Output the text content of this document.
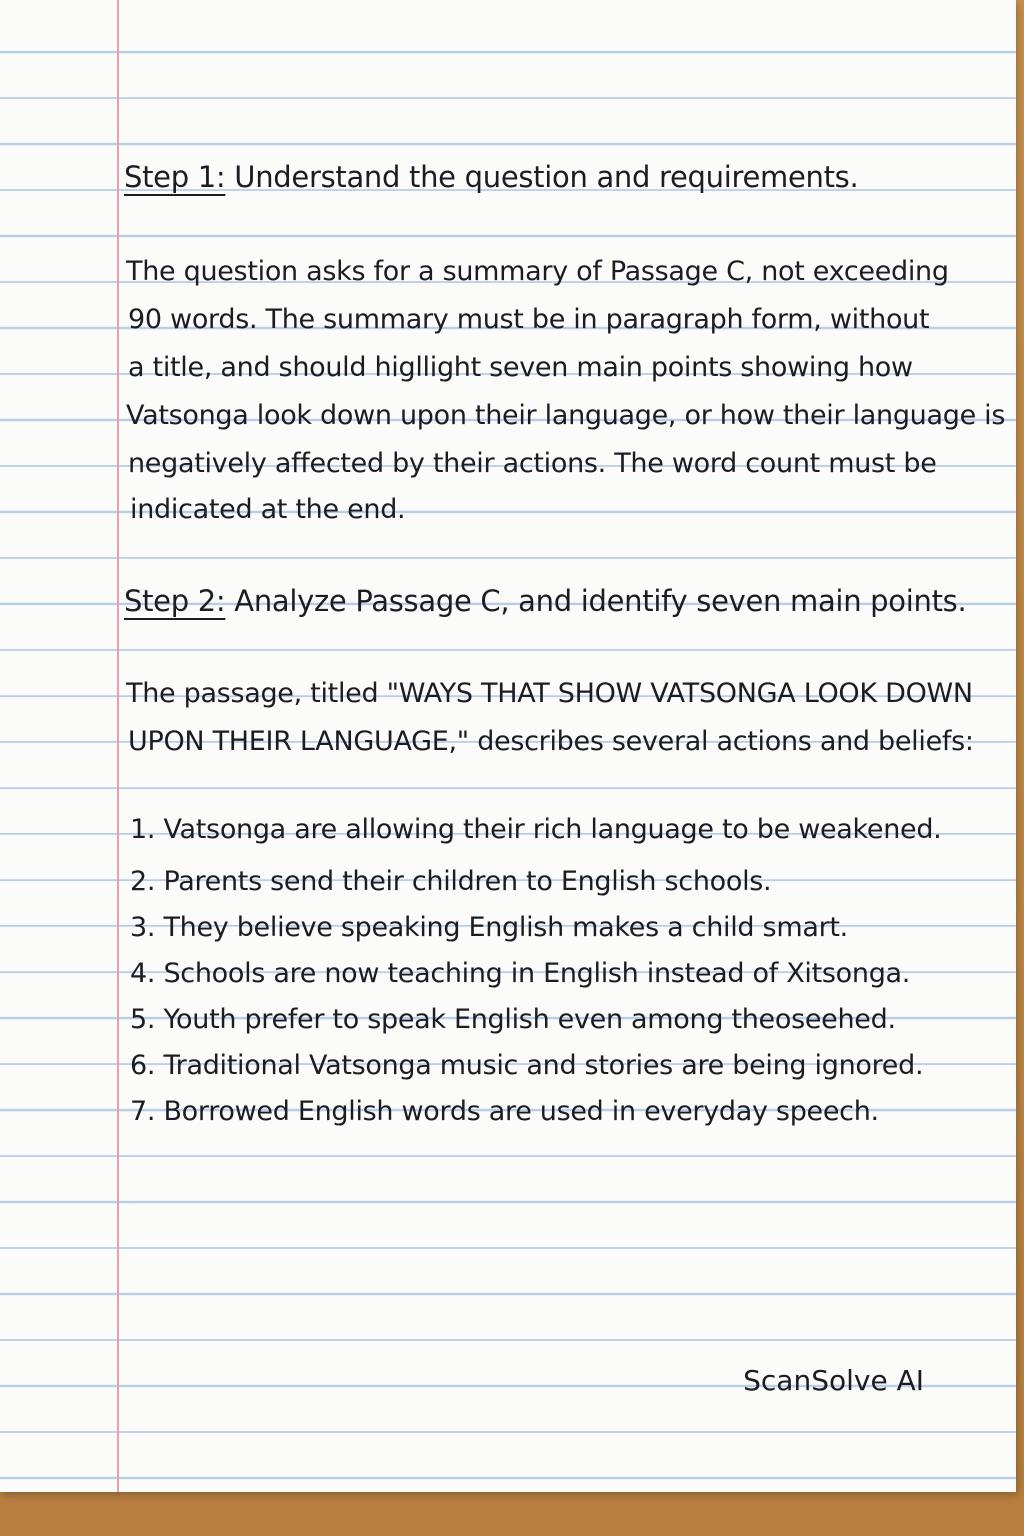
Step 1: Understand the question and requirements.
The question asks for a summary of Passage C, not exceeding
90 words. The summary must be in paragraph form, without
a title, and should higllight seven main points showing how
Vatsonga look down upon their language, or how their language is
negatively affected by their actions. The word count must be
indicated at the end.
Step 2: Analyze Passage C, and identify seven main points.
The passage, titled "WAYS THAT SHOW VATSONGA LOOK DOWN
UPON THEIR LANGUAGE," describes several actions and beliefs:
1. Vatsonga are allowing their rich language to be weakened.
2. Parents send their children to English schools.
3. They believe speaking English makes a child smart.
4. Schools are now teaching in English instead of Xitsonga.
5. Youth prefer to speak English even among theoseehed.
6. Traditional Vatsonga music and stories are being ignored.
7. Borrowed English words are used in everyday speech.
ScanSolve AI
